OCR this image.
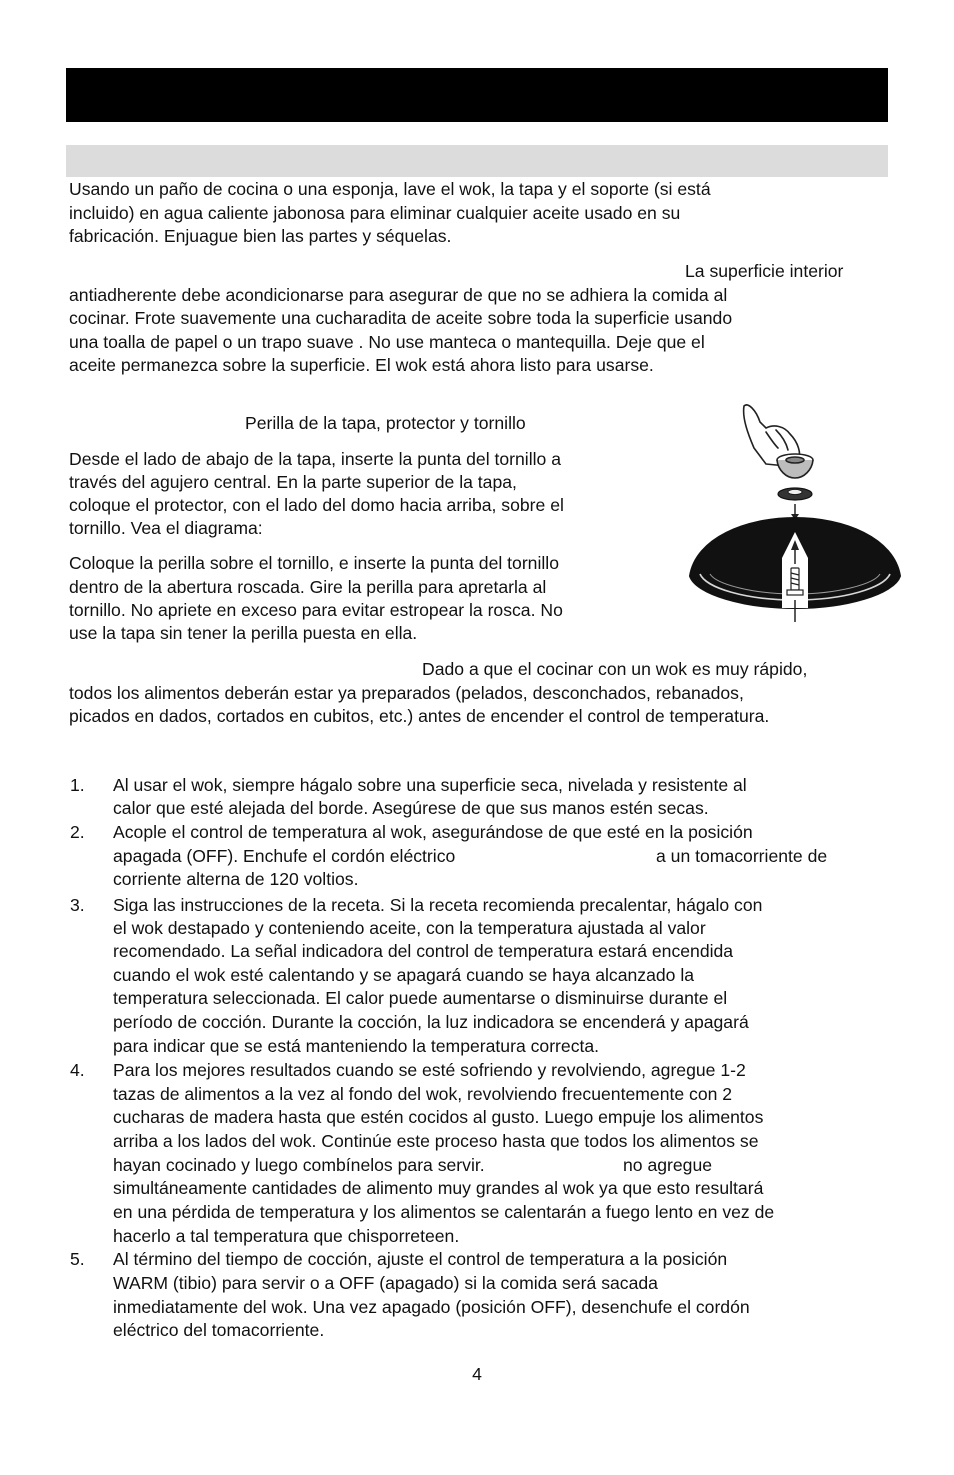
Usando un paño de cocina o una esponja, lave el wok, la tapa y el soporte (si está

incluido) en agua caliente jabonosa para eliminar cualquier aceite usado en su

fabricación. Enjuague bien las partes y séquelas.

La superficie interior

antiadherente debe acondicionarse para asegurar de que no se adhiera la comida al

cocinar. Frote suavemente una cucharadita de aceite sobre toda la superficie usando

una toalla de papel o un trapo suave . No use manteca o mantequilla. Deje que el

aceite permanezca sobre la superficie. El wok está ahora listo para usarse.

Perilla de la tapa, protector y tornillo

Desde el lado de abajo de la tapa, inserte la punta del tornillo a

través del agujero central. En la parte superior de la tapa,

coloque el protector, con el lado del domo hacia arriba, sobre el

tornillo. Vea el diagrama:

Coloque la perilla sobre el tornillo, e inserte la punta del tornillo

dentro de la abertura roscada. Gire la perilla para apretarla al

tornillo. No apriete en exceso para evitar estropear la rosca. No

use la tapa sin tener la perilla puesta en ella.

Dado a que el cocinar con un wok es muy rápido,

todos los alimentos deberán estar ya preparados (pelados, desconchados, rebanados,

picados en dados, cortados en cubitos, etc.) antes de encender el control de temperatura.

1. Al usar el wok, siempre hágalo sobre una superficie seca, nivelada y resistente al
calor que esté alejada del borde. Asegúrese de que sus manos estén secas.
2. Acople el control de temperatura al wok, asegurándose de que esté en la posición
apagada (OFF). Enchufe el cordón eléctrico	a un tomacorriente de
corriente alterna de 120 voltios.
3. Siga las instrucciones de la receta. Si la receta recomienda precalentar, hágalo con
el wok destapado y conteniendo aceite, con la temperatura ajustada al valor
recomendado. La señal indicadora del control de temperatura estará encendida
cuando el wok esté calentando y se apagará cuando se haya alcanzado la
temperatura seleccionada. El calor puede aumentarse o disminuirse durante el
período de cocción. Durante la cocción, la luz indicadora se encenderá y apagará
para indicar que se está manteniendo la temperatura correcta.
4. Para los mejores resultados cuando se esté sofriendo y revolviendo, agregue 1-2
tazas de alimentos a la vez al fondo del wok, revolviendo frecuentemente con 2
cucharas de madera hasta que estén cocidos al gusto. Luego empuje los alimentos
arriba a los lados del wok. Continúe este proceso hasta que todos los alimentos se
hayan cocinado y luego combínelos para servir.	no agregue
simultáneamente cantidades de alimento muy grandes al wok ya que esto resultará
en una pérdida de temperatura y los alimentos se calentarán a fuego lento en vez de
hacerlo a tal temperatura que chisporreteen.
5. Al término del tiempo de cocción, ajuste el control de temperatura a la posición
WARM (tibio) para servir o a OFF (apagado) si la comida será sacada
inmediatamente del wok. Una vez apagado (posición OFF), desenchufe el cordón
eléctrico del tomacorriente.
4
